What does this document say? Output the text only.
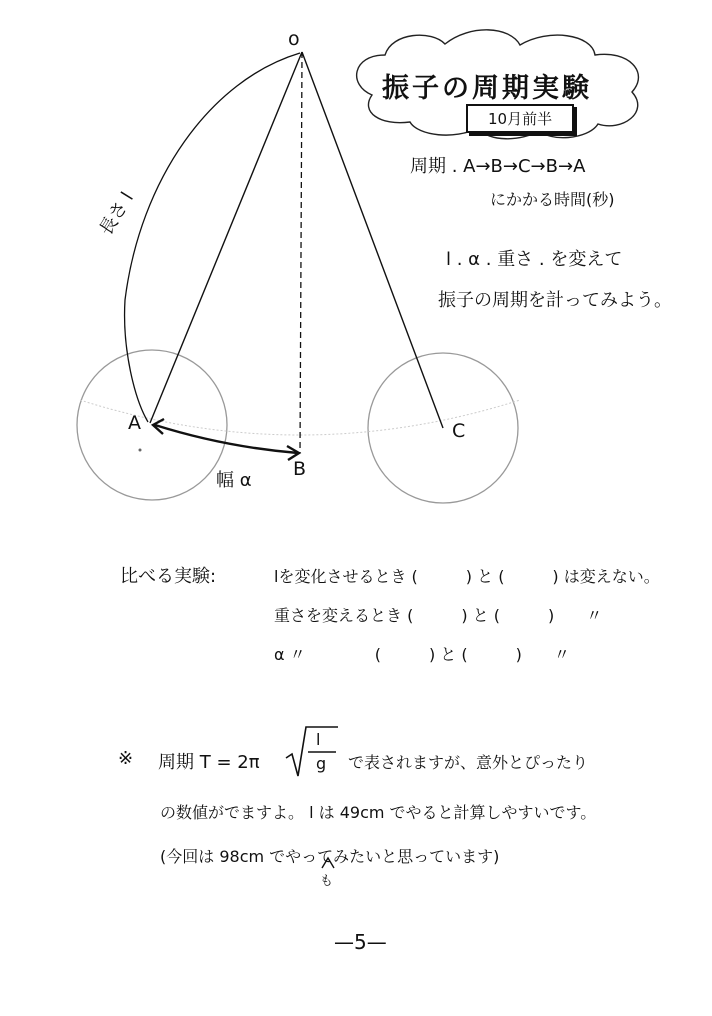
振子の周期実験
10月前半
周期 . A→B→C→B→A
にかかる時間(秒)
l . α . 重さ . を変えて
振子の周期を計ってみよう。
o
A
B
C
長さ l
幅 α
比べる実験:	lを変化させるとき (　　　) と (　　　) は変えない。
重さを変えるとき (　　　) と (　　　)　　〃
α 〃　　　　 (　　　) と (　　　)　　〃
※ 周期 T = 2π
l
g で表されますが、意外とぴったり
の数値がでますよ。 l は 49cm でやると計算しやすいです。
(今回は 98cm でやってみたいと思っています)
も
—5—
